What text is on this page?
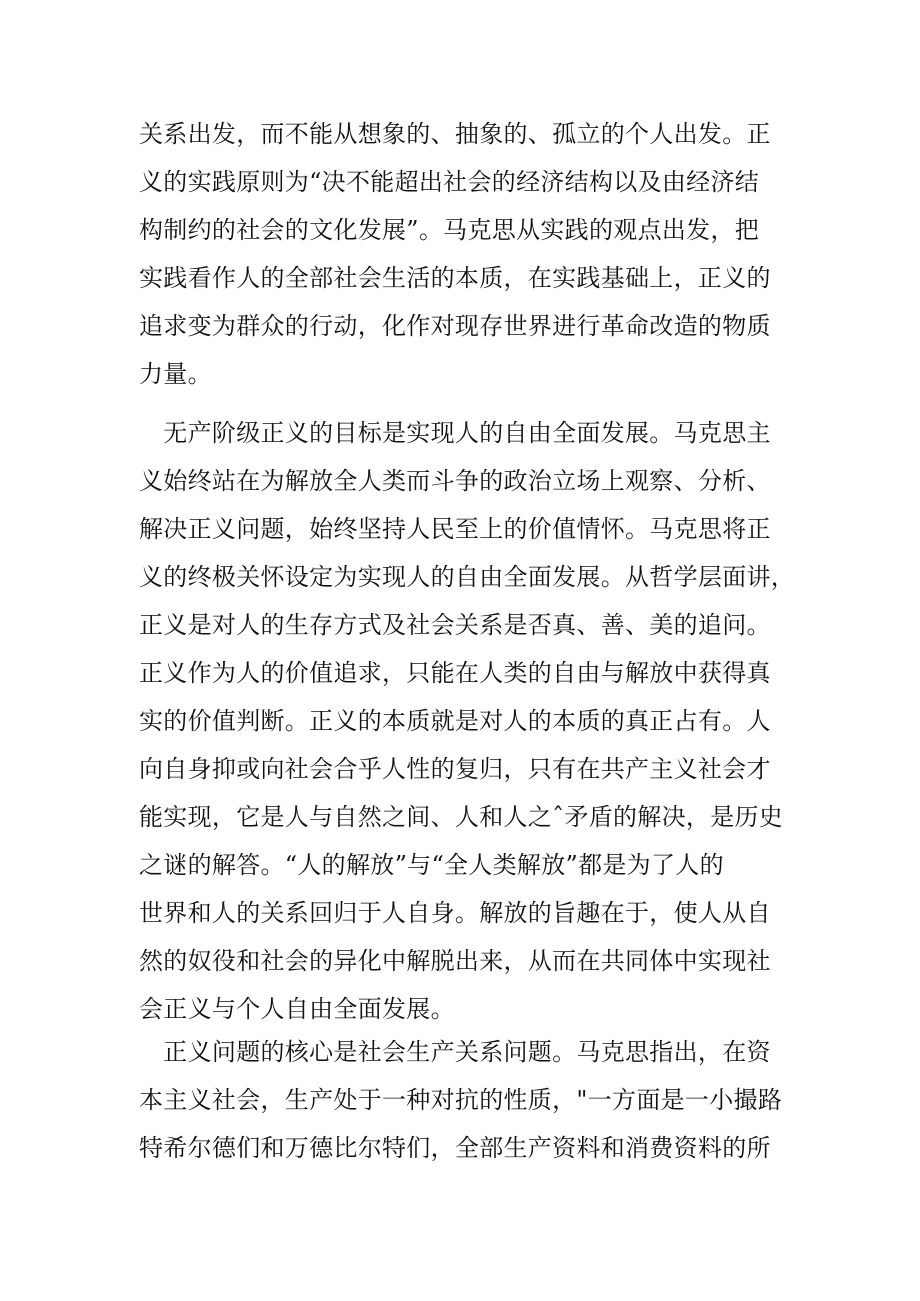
关系出发，而不能从想象的、抽象的、孤立的个人出发。正
义的实践原则为“决不能超出社会的经济结构以及由经济结
构制约的社会的文化发展”。马克思从实践的观点出发，把
实践看作人的全部社会生活的本质，在实践基础上，正义的
追求变为群众的行动，化作对现存世界进行革命改造的物质
力量。
　无产阶级正义的目标是实现人的自由全面发展。马克思主
义始终站在为解放全人类而斗争的政治立场上观察、分析、
解决正义问题，始终坚持人民至上的价值情怀。马克思将正
义的终极关怀设定为实现人的自由全面发展。从哲学层面讲，
正义是对人的生存方式及社会关系是否真、善、美的追问。
正义作为人的价值追求，只能在人类的自由与解放中获得真
实的价值判断。正义的本质就是对人的本质的真正占有。人
向自身抑或向社会合乎人性的复归，只有在共产主义社会才
能实现，它是人与自然之间、人和人之ˆ矛盾的解决，是历史
之谜的解答。“人的解放”与“全人类解放”都是为了人的
世界和人的关系回归于人自身。解放的旨趣在于，使人从自
然的奴役和社会的异化中解脱出来，从而在共同体中实现社
会正义与个人自由全面发展。
　正义问题的核心是社会生产关系问题。马克思指出，在资
本主义社会，生产处于一种对抗的性质，"一方面是一小撮路
特希尔德们和万德比尔特们，全部生产资料和消费资料的所
